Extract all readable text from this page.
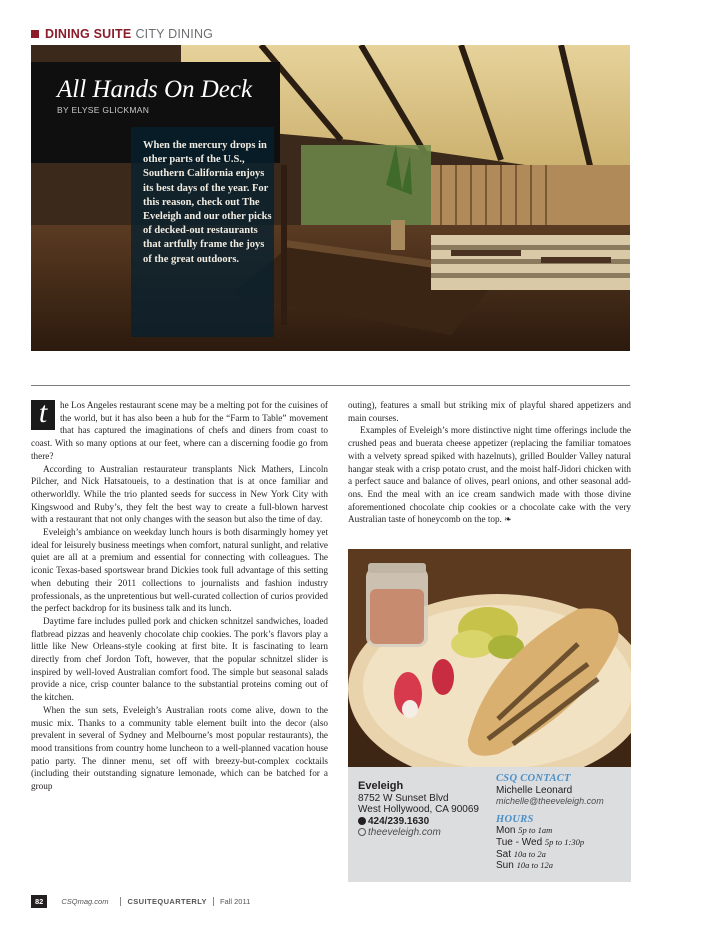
DINING SUITE CITY DINING
All Hands On Deck
BY ELYSE GLICKMAN

When the mercury drops in other parts of the U.S., Southern California enjoys its best days of the year. For this reason, check out The Eveleigh and our other picks of decked-out restaurants that artfully frame the joys of the great outdoors.

t	he Los Angeles restaurant scene may be a melting pot for the cuisines of the world, but it has also been a hub for the “Farm to Table” movement that has captured the imaginations of chefs and diners from coast to coast. With so many options at our feet, where can a discerning foodie go from there?

According to Australian restaurateur transplants Nick Mathers, Lincoln Pilcher, and Nick Hatsatoueis, to a destination that is at once familiar and otherworldly. While the trio planted seeds for success in New York City with Kingswood and Ruby’s, they felt the best way to create a full-blown harvest with a restaurant that not only changes with the season but also the time of day.

Eveleigh’s ambiance on weekday lunch hours is both disarmingly homey yet ideal for leisurely business meetings when comfort, natural sunlight, and relative quiet are all at a premium and essential for connecting with colleagues. The iconic Texas-based sportswear brand Dickies took full advantage of this setting when debuting their 2011 collections to journalists and fashion industry professionals, as the unpretentious but well-curated collection of curios provided the perfect backdrop for its business talk and its lunch.

Daytime fare includes pulled pork and chicken schnitzel sandwiches, loaded flatbread pizzas and heavenly chocolate chip cookies. The pork’s flavors play a little like New Orleans-style cooking at first bite. It is fascinating to learn directly from chef Jordon Toft, however, that the popular schnitzel slider is inspired by well-loved Australian comfort food. The simple but seasonal salads provide a nice, crisp counter balance to the substantial proteins coming out of the kitchen.

When the sun sets, Eveleigh’s Australian roots come alive, down to the music mix. Thanks to a community table element built into the decor (also prevalent in several of Sydney and Melbourne’s most popular restaurants), the mood transitions from country home luncheon to a well-planned vacation house patio party. The dinner menu, set off with breezy-but-complex cocktails (including their outstanding signature lemonade, which can be batched for a group

outing), features a small but striking mix of playful shared appetizers and main courses.

Examples of Eveleigh’s more distinctive night time offerings include the crushed peas and buerata cheese appetizer (replacing the familiar tomatoes with a velvety spread spiked with hazelnuts), grilled Boulder Valley natural hangar steak with a crisp potato crust, and the moist half-Jidori chicken with a perfect sauce and balance of olives, pearl onions, and other seasonal add-ons. End the meal with an ice cream sandwich made with those divine aforementioned chocolate chip cookies or a chocolate cake with the very Australian taste of honeycomb on the top. ❧

Eveleigh
8752 W Sunset Blvd
West Hollywood, CA 90069
424/239.1630
theeveleigh.com
CSQ CONTACT
Michelle Leonard
michelle@theeveleigh.com
HOURS
Mon 5p to 1am
Tue - Wed 5p to 1:30p
Sat 10a to 2a
Sun 10a to 12a
82	CSQmag.com	CSUITEQUARTERLY Fall 2011
